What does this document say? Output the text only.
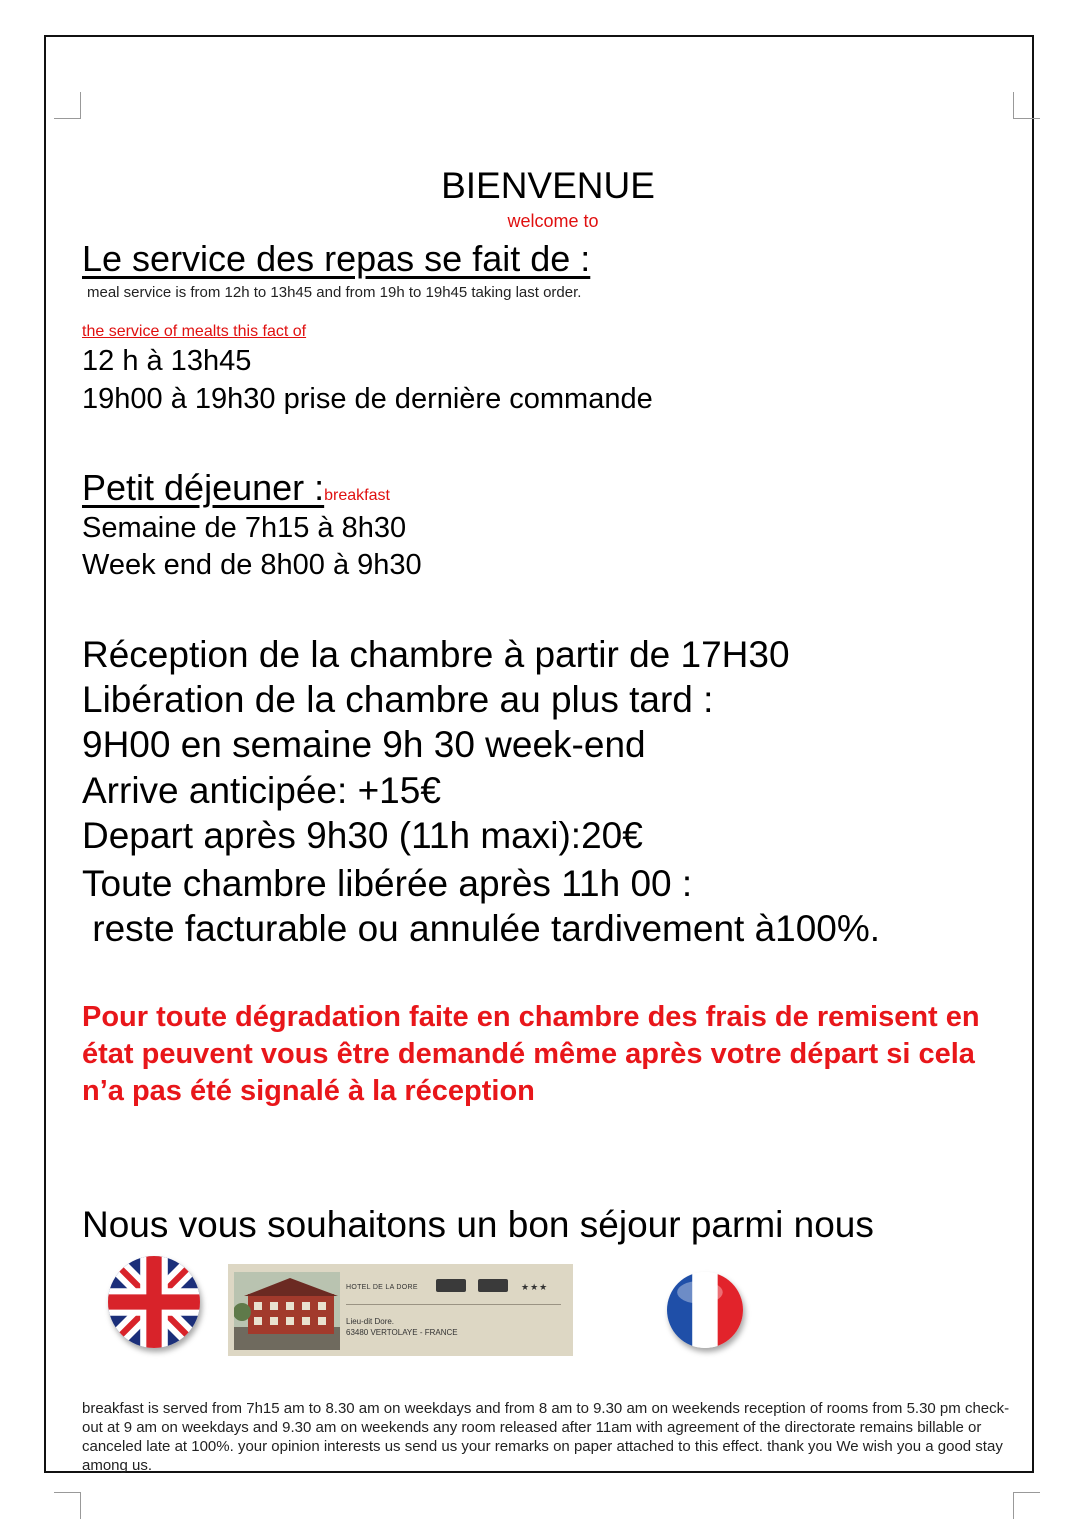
BIENVENUE
welcome to
Le service des repas se fait de :
meal service is from 12h to 13h45 and from 19h to 19h45 taking last order.
the service of mealts this fact of
12 h à 13h45
19h00 à 19h30 prise de dernière commande
Petit déjeuner :breakfast
Semaine de 7h15 à 8h30
Week end de 8h00 à 9h30
Réception de la chambre à partir de 17H30
Libération de la chambre au plus tard :
9H00 en semaine 9h 30 week-end
Arrive anticipée: +15€
Depart après 9h30 (11h maxi):20€
Toute chambre libérée après 11h 00 :
reste facturable ou annulée tardivement à100%.
Pour toute dégradation faite en chambre des frais de remisent en état peuvent vous être demandé même après votre départ si cela n’a pas été signalé à la réception
Nous vous souhaitons un bon séjour parmi nous
HOTEL DE LA DORE	★★★
Lieu-dit Dore.
63480 VERTOLAYE - FRANCE
breakfast is served from 7h15 am to 8.30 am on weekdays and from 8 am to 9.30 am on weekends reception of rooms from 5.30 pm check-out at 9 am on weekdays and 9.30 am on weekends any room released after 11am with agreement of the directorate remains billable or canceled late at 100%. your opinion interests us send us your remarks on paper attached to this effect. thank you We wish you a good stay among us.
